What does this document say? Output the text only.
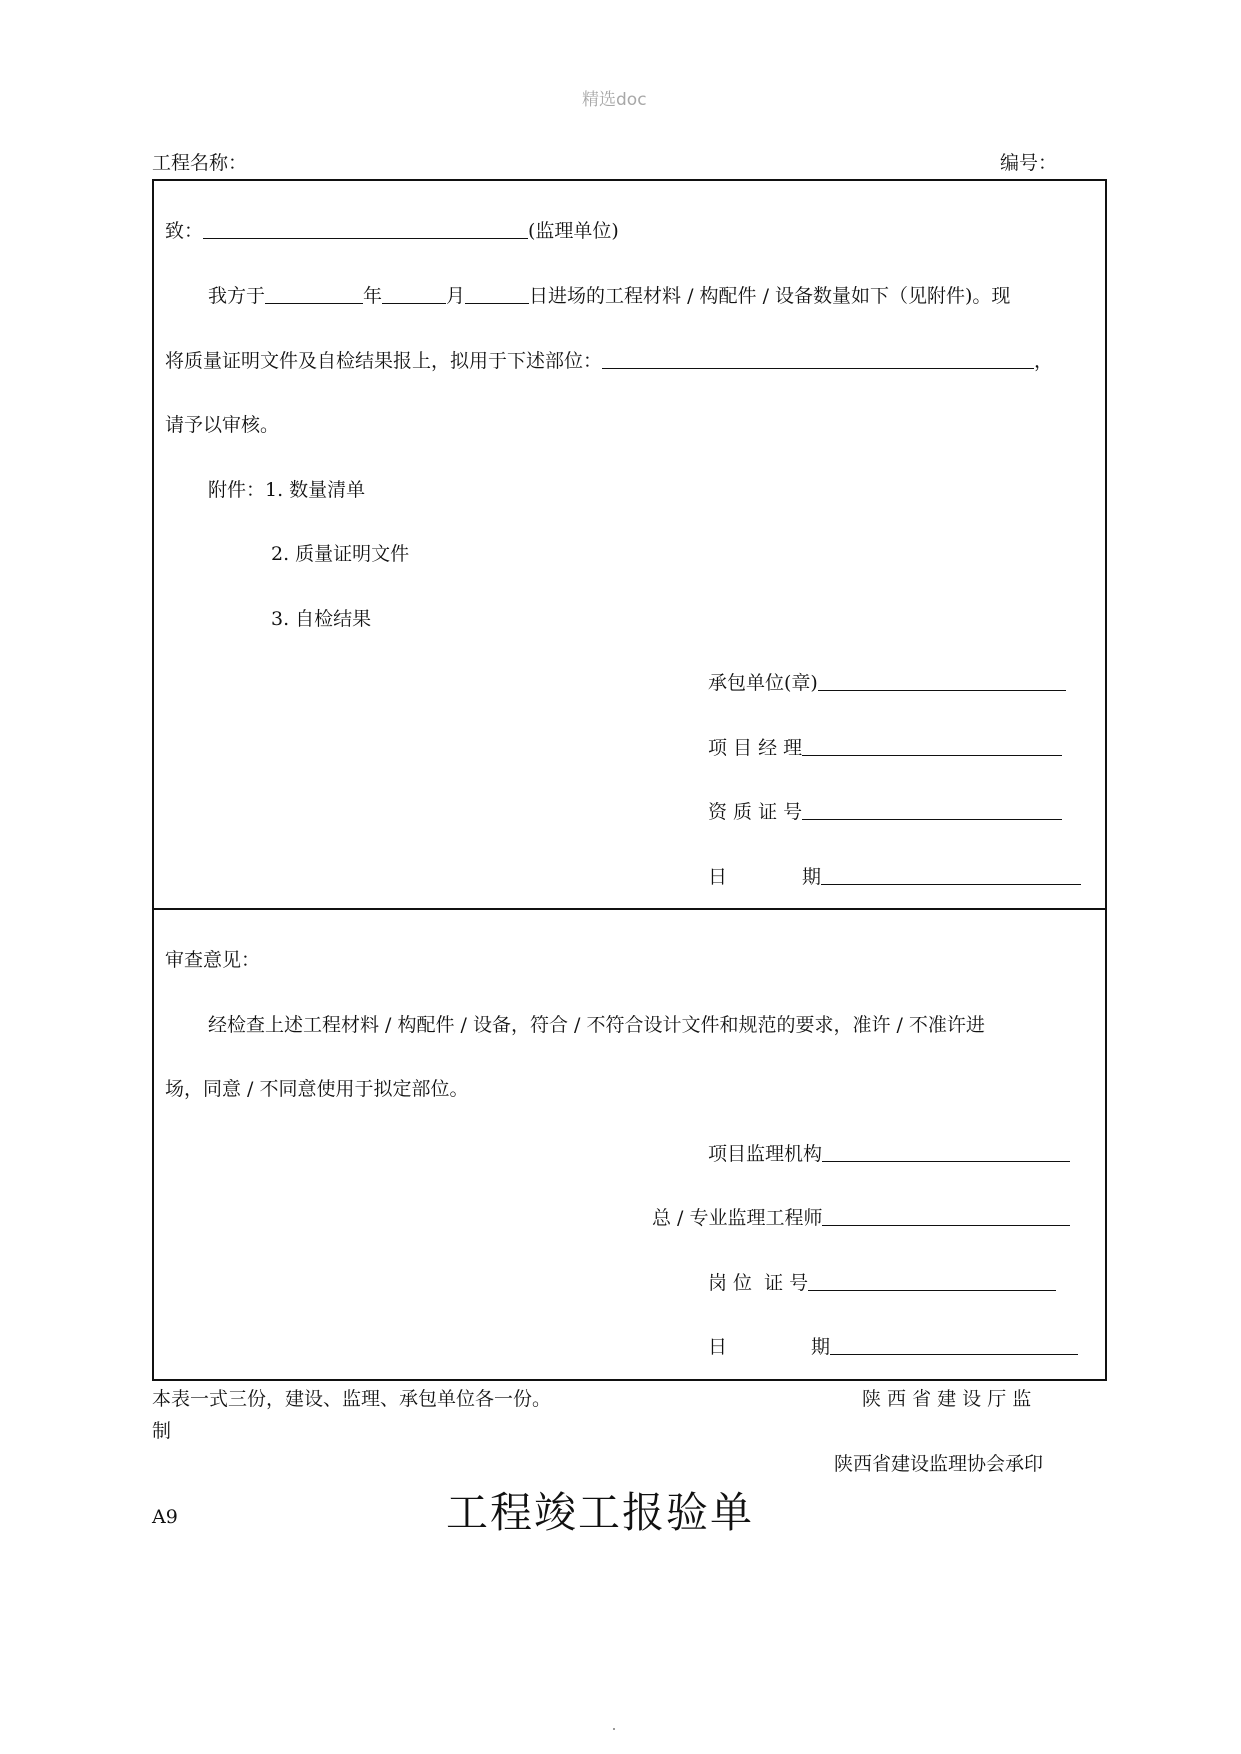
精选doc
工程名称：	编号：
致：	(监理单位)
我方于	年	月	日进场的工程材料 / 构配件 / 设备数量如下（见附件)。现
将质量证明文件及自检结果报上，拟用于下述部位：	，
请予以审核。
附件：1. 数量清单
2. 质量证明文件
3. 自检结果
承包单位(章)
项 目 经 理
资 质 证 号
日	期
审查意见：
经检查上述工程材料 / 构配件 / 设备，符合 / 不符合设计文件和规范的要求，准许 / 不准许进
场，同意 / 不同意使用于拟定部位。
项目监理机构
总 / 专业监理工程师
岗 位  证 号
日	期
本表一式三份，建设、监理、承包单位各一份。
制
陕 西 省 建 设 厅 监
陕西省建设监理协会承印
A9	工程竣工报验单
